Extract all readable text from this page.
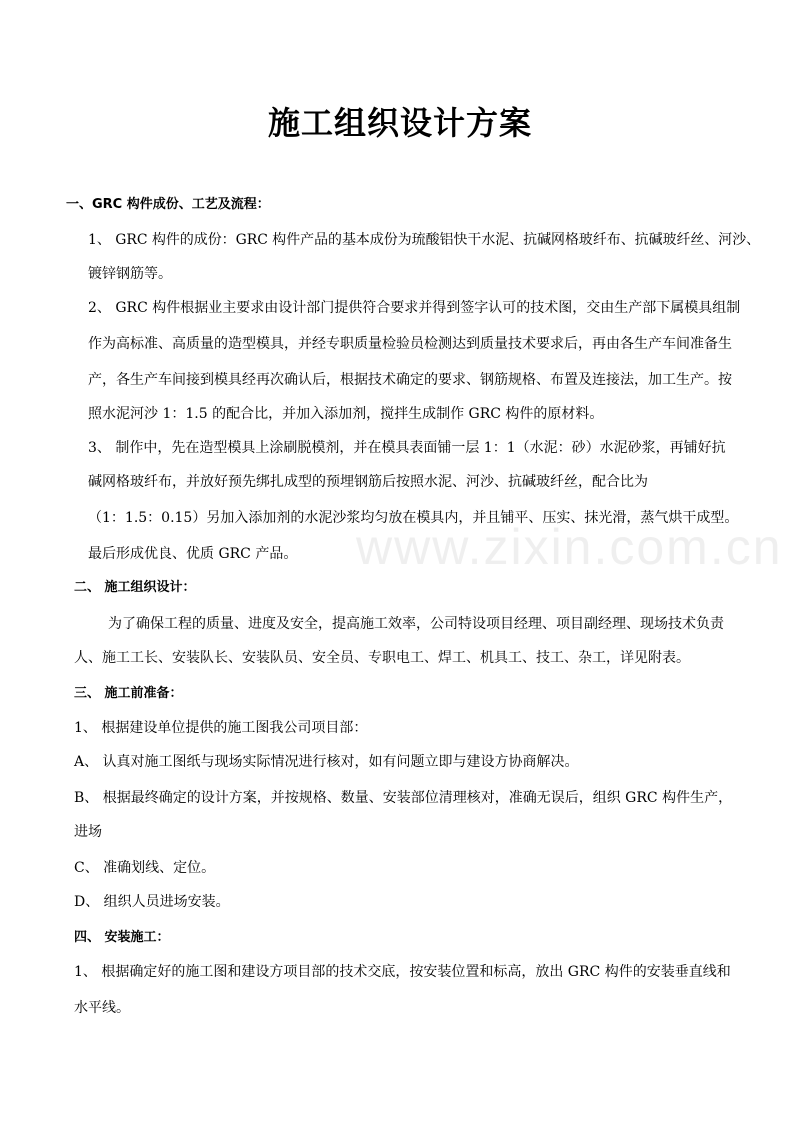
www.zixin.com.cn
施工组织设计方案
一、GRC 构件成份、工艺及流程：
1、 GRC 构件的成份：GRC 构件产品的基本成份为琉酸铝快干水泥、抗碱网格玻纤布、抗碱玻纤丝、河沙、
镀锌钢筋等。
2、 GRC 构件根据业主要求由设计部门提供符合要求并得到签字认可的技术图，交由生产部下属模具组制
作为高标准、高质量的造型模具，并经专职质量检验员检测达到质量技术要求后，再由各生产车间准备生
产，各生产车间接到模具经再次确认后，根据技术确定的要求、钢筋规格、布置及连接法，加工生产。按
照水泥河沙 1：1.5 的配合比，并加入添加剂，搅拌生成制作 GRC 构件的原材料。
3、 制作中，先在造型模具上涂刷脱模剂，并在模具表面铺一层 1：1（水泥：砂）水泥砂浆，再铺好抗
碱网格玻纤布，并放好预先绑扎成型的预埋钢筋后按照水泥、河沙、抗碱玻纤丝，配合比为
（1：1.5：0.15）另加入添加剂的水泥沙浆均匀放在模具内，并且铺平、压实、抹光滑，蒸气烘干成型。
最后形成优良、优质 GRC 产品。
二、 施工组织设计：
为了确保工程的质量、进度及安全，提高施工效率，公司特设项目经理、项目副经理、现场技术负责
人、施工工长、安装队长、安装队员、安全员、专职电工、焊工、机具工、技工、杂工，详见附表。
三、 施工前准备：
1、 根据建设单位提供的施工图我公司项目部：
A、 认真对施工图纸与现场实际情况进行核对，如有问题立即与建设方协商解决。
B、 根据最终确定的设计方案，并按规格、数量、安装部位清理核对，准确无误后，组织 GRC 构件生产，
进场
C、 准确划线、定位。
D、 组织人员进场安装。
四、 安装施工：
1、 根据确定好的施工图和建设方项目部的技术交底，按安装位置和标高，放出 GRC 构件的安装垂直线和
水平线。
